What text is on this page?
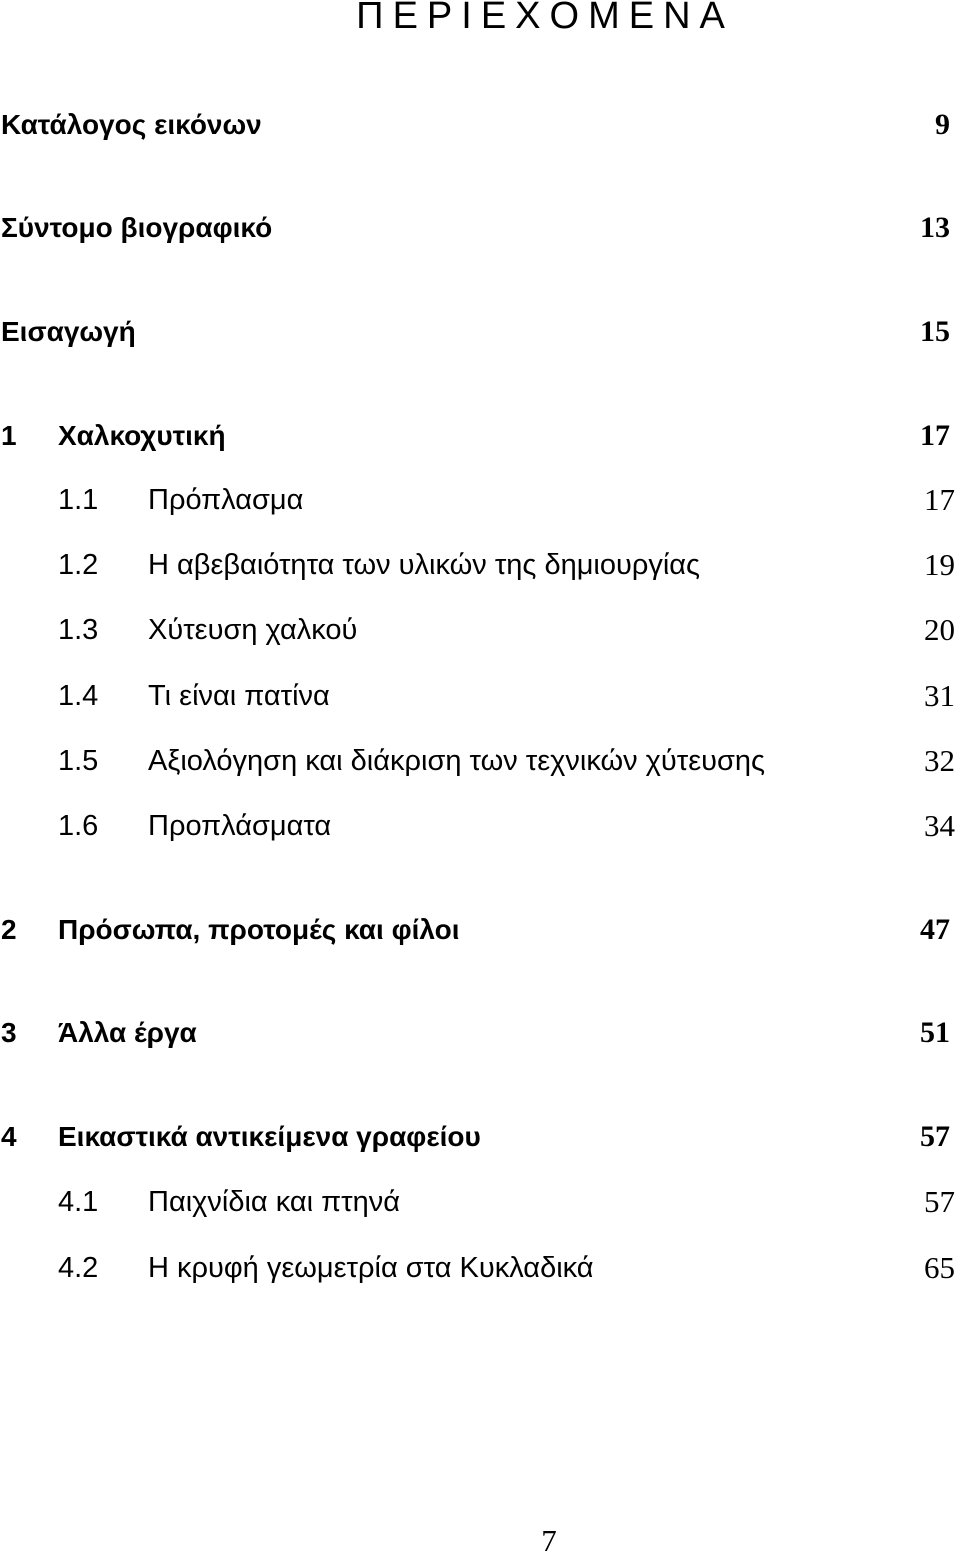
ΠΕΡΙΕΧΟΜΕΝΑ
Κατάλογος εικόνων	9
Σύντομο βιογραφικό	13
Εισαγωγή	15
1 Χαλκοχυτική	17
1.1 Πρόπλασμα	17
1.2 Η αβεβαιότητα των υλικών της δημιουργίας	19
1.3 Χύτευση χαλκού	20
1.4 Τι είναι πατίνα	31
1.5 Αξιολόγηση και διάκριση των τεχνικών χύτευσης	32
1.6 Προπλάσματα	34
2 Πρόσωπα, προτομές και φίλοι	47
3 Άλλα έργα	51
4 Εικαστικά αντικείμενα γραφείου	57
4.1 Παιχνίδια και πτηνά	57
4.2 Η κρυφή γεωμετρία στα Κυκλαδικά	65
7
